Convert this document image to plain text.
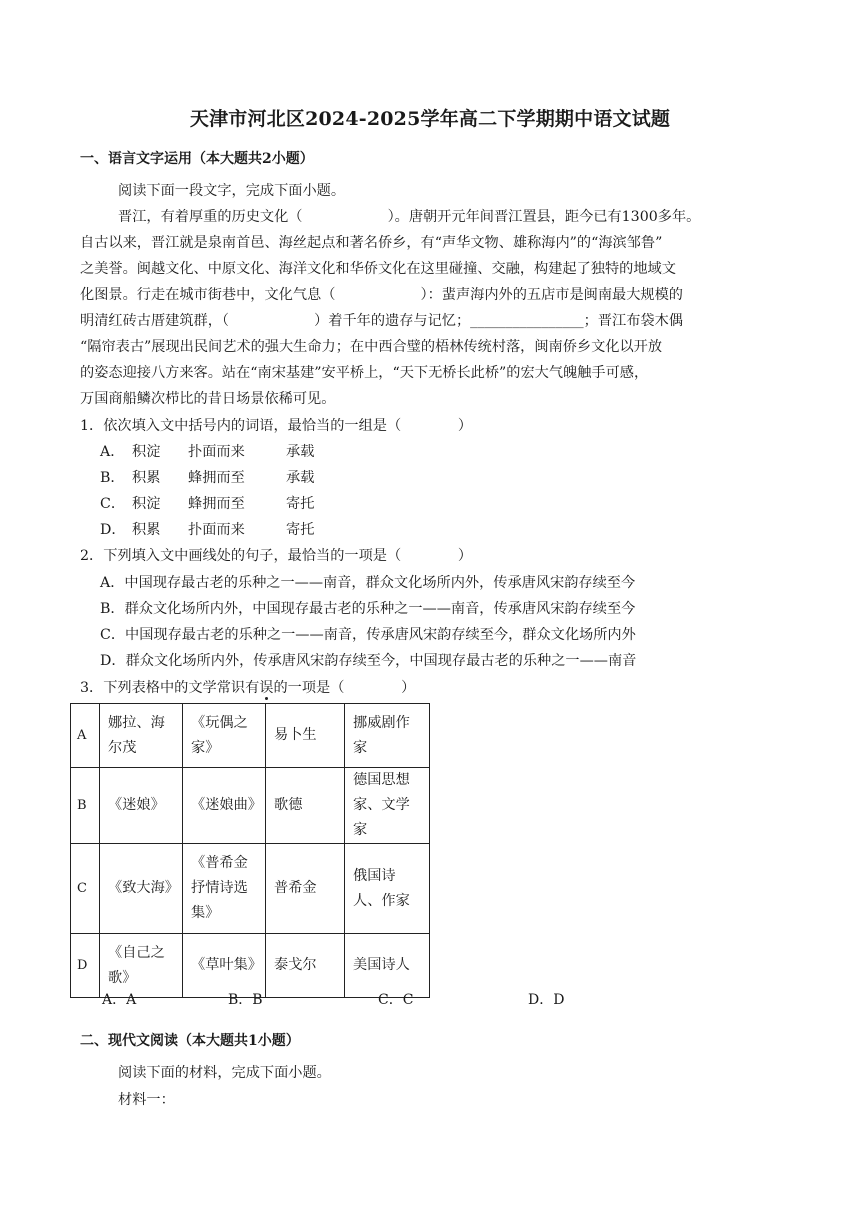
天津市河北区2024-2025学年高二下学期期中语文试题
一、语言文字运用（本大题共2小题）
阅读下面一段文字，完成下面小题。
晋江，有着厚重的历史文化（　　　　　　）。唐朝开元年间晋江置县，距今已有1300多年。
自古以来，晋江就是泉南首邑、海丝起点和著名侨乡，有“声华文物、雄称海内”的“海滨邹鲁”
之美誉。闽越文化、中原文化、海洋文化和华侨文化在这里碰撞、交融，构建起了独特的地域文
化图景。行走在城市街巷中，文化气息（　　　　　　）：蜚声海内外的五店市是闽南最大规模的
明清红砖古厝建筑群，（　　　　　　）着千年的遗存与记忆；________________；晋江布袋木偶
“隔帘表古”展现出民间艺术的强大生命力；在中西合璧的梧林传统村落，闽南侨乡文化以开放
的姿态迎接八方来客。站在“南宋基建”安平桥上，“天下无桥长此桥”的宏大气魄触手可感，
万国商船鳞次栉比的昔日场景依稀可见。
1．依次填入文中括号内的词语，最恰当的一组是（　　　　）
A． 积淀 扑面而来	承载
B． 积累 蜂拥而至	承载
C． 积淀 蜂拥而至	寄托
D． 积累 扑面而来	寄托
2．下列填入文中画线处的句子，最恰当的一项是（　　　　）
A．中国现存最古老的乐种之一——南音，群众文化场所内外，传承唐风宋韵存续至今
B．群众文化场所内外，中国现存最古老的乐种之一——南音，传承唐风宋韵存续至今
C．中国现存最古老的乐种之一——南音，传承唐风宋韵存续至今，群众文化场所内外
D．群众文化场所内外，传承唐风宋韵存续至今，中国现存最古老的乐种之一——南音
3．下列表格中的文学常识有误的一项是（　　　　）
A	娜拉、海尔茂	《玩偶之家》	易卜生	挪威剧作家
B	《迷娘》	《迷娘曲》	歌德	德国思想家、文学家
C	《致大海》	《普希金抒情诗选集》	普希金	俄国诗人、作家
D	《自己之歌》	《草叶集》	泰戈尔	美国诗人
A．A	B．B	C．C	D．D
二、现代文阅读（本大题共1小题）
阅读下面的材料，完成下面小题。
材料一：
